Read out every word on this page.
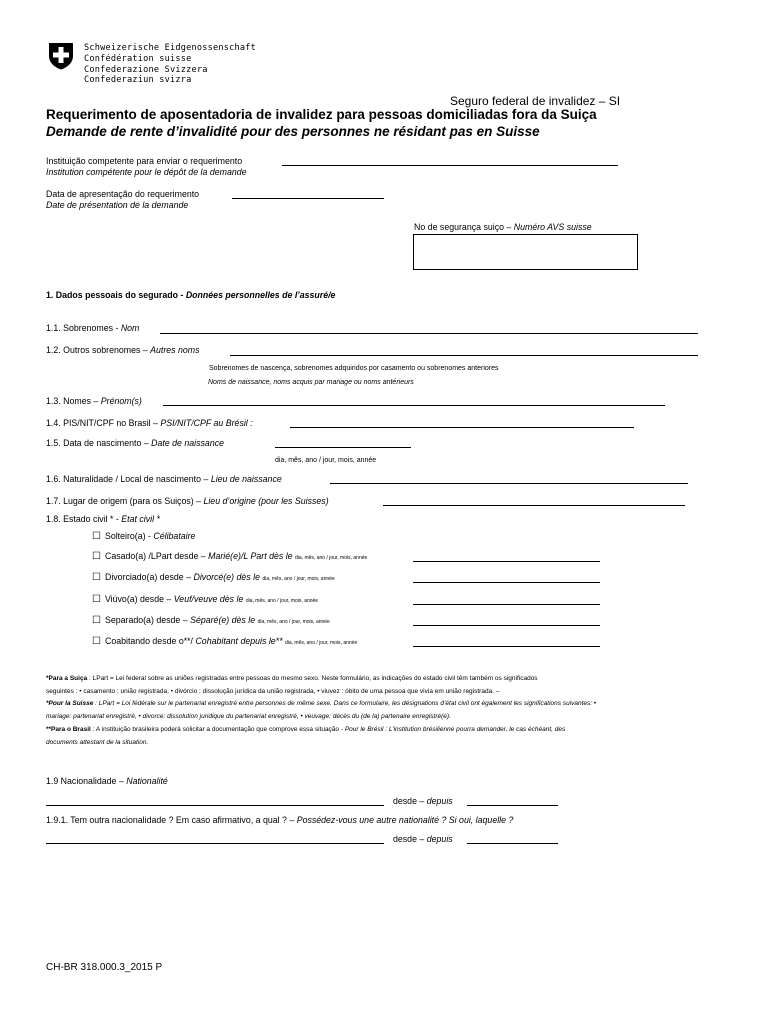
Schweizerische Eidgenossenschaft
Confédération suisse
Confederazione Svizzera
Confederaziun svizra
Seguro federal de invalidez – SI
Requerimento de aposentadoria de invalidez para pessoas domiciliadas fora da Suiça
Demande de rente d’invalidité pour des personnes ne résidant pas en Suisse
Instituição competente para enviar o requerimento
Institution compétente pour le dépôt de la demande
Data de apresentação do requerimento
Date de présentation de la demande
No de segurança suiço – Numéro AVS suisse
1. Dados pessoais do segurado - Données personnelles de l’assuré/e
1.1. Sobrenomes - Nom
1.2. Outros sobrenomes – Autres noms
Sobrenomes de nascença, sobrenomes adquiridos por casamento ou sobrenomes anteriores
Noms de naissance, noms acquis par mariage ou noms antérieurs
1.3. Nomes – Prénom(s)
1.4. PIS/NIT/CPF no Brasil – PSI/NIT/CPF au Brésil :
1.5. Data de nascimento – Date de naissance
dia, mês, ano / jour, mois, année
1.6. Naturalidade / Local de nascimento – Lieu de naissance
1.7. Lugar de origem (para os Suiços) – Lieu d’origine (pour les Suisses)
1.8. Estado civil * - Etat civil *
☐ Solteiro(a) - Célibataire
☐ Casado(a) /LPart desde – Marié(e)/L Part dès le dia, mês, ano / jour, mois, année
☐ Divorciado(a) desde – Divorcé(e) dès le dia, mês, ano / jour, mois, année
☐ Viúvo(a) desde – Veuf/veuve dès le dia, mês, ano / jour, mois, année
☐ Separado(a) desde – Séparé(e) dès le dia, mês, ano / jour, mois, année
☐ Coabitando desde o**/ Cohabitant depuis le** dia, mês, ano / jour, mois, année
*Para a Suiça : LPart = Lei federal sobre as uniões registradas entre pessoas do mesmo sexo. Neste formulário, as indicações do estado civil têm também os significados
seguintes : • casamento : união registrada, • divórcio : dissolução jurídica da união registrada, • viuvez : óbito de uma pessoa que vivia em união registrada. –
*Pour la Suisse : LPart = Loi fédérale sur le partenariat enregistré entre personnes de même sexe. Dans ce formulaire, les désignations d’état civil ont également les significations suivantes: •
mariage: partenariat enregistré, • divorce: dissolution juridique du partenariat enregistré, • veuvage: décès du (de la) partenaire enregistré(e).
**Para o Brasil : A instituição brasileira poderá solicitar a documentação que comprove essa situação - Pour le Brésil : L’institution brésilienne pourra demander, le cas échéant, des
documents attestant de la situation.
1.9 Nacionalidade – Nationalité
desde – depuis
1.9.1. Tem outra nacionalidade ? Em caso afirmativo, a qual ? – Possédez-vous une autre nationalité ? Si oui, laquelle ?
desde – depuis
CH-BR 318.000.3_2015 P
